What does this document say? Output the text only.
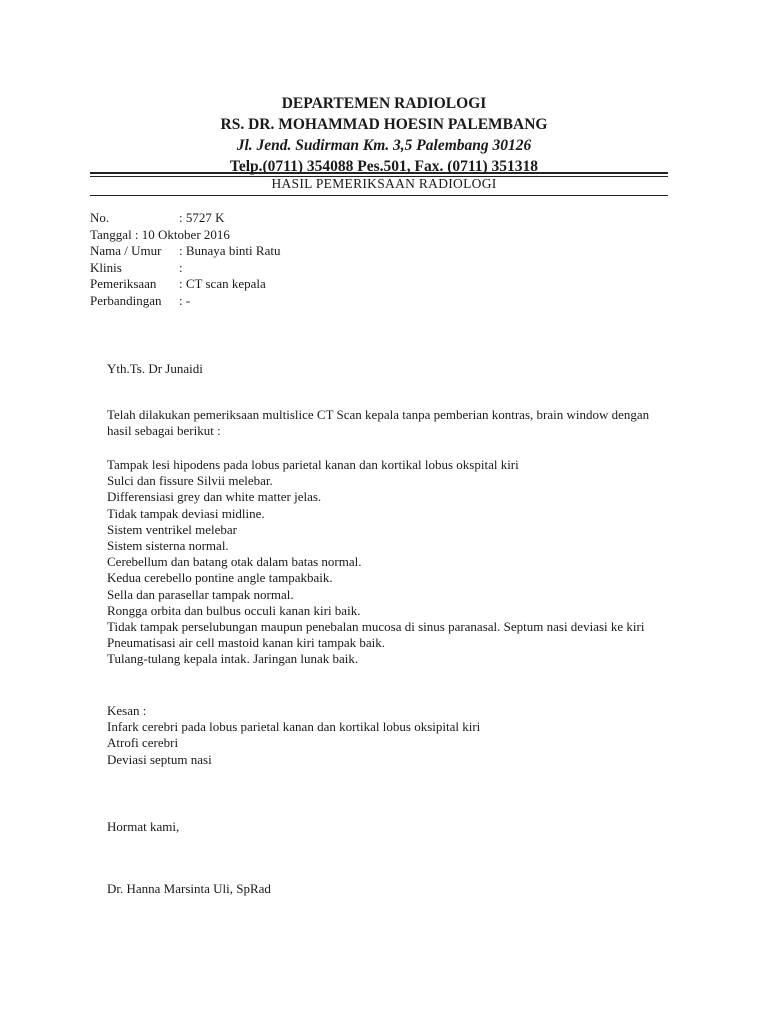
DEPARTEMEN RADIOLOGI
RS. DR. MOHAMMAD HOESIN PALEMBANG
Jl. Jend. Sudirman Km. 3,5 Palembang 30126
Telp.(0711) 354088 Pes.501, Fax. (0711) 351318
HASIL PEMERIKSAAN RADIOLOGI
No.	: 5727 K
Tanggal : 10 Oktober 2016
Nama / Umur : Bunaya binti Ratu
Klinis	:
Pemeriksaan : CT scan kepala
Perbandingan : -
Yth.Ts. Dr Junaidi
Telah dilakukan pemeriksaan multislice CT Scan kepala tanpa pemberian kontras, brain window dengan hasil sebagai berikut :

Tampak lesi hipodens pada lobus parietal kanan dan kortikal lobus okspital kiri

Sulci dan fissure Silvii melebar.

Differensiasi grey dan white matter jelas.

Tidak tampak deviasi midline.

Sistem ventrikel melebar

Sistem sisterna normal.

Cerebellum dan batang otak dalam batas normal.

Kedua cerebello pontine angle tampakbaik.

Sella dan parasellar tampak normal.

Rongga orbita dan bulbus occuli kanan kiri baik.

Tidak tampak perselubungan maupun penebalan mucosa di sinus paranasal. Septum nasi deviasi ke kiri

Pneumatisasi air cell mastoid kanan kiri tampak baik.

Tulang-tulang kepala intak. Jaringan lunak baik.

Kesan :

Infark cerebri pada lobus parietal kanan dan kortikal lobus oksipital kiri

Atrofi cerebri

Deviasi septum nasi

Hormat kami,
Dr. Hanna Marsinta Uli, SpRad
